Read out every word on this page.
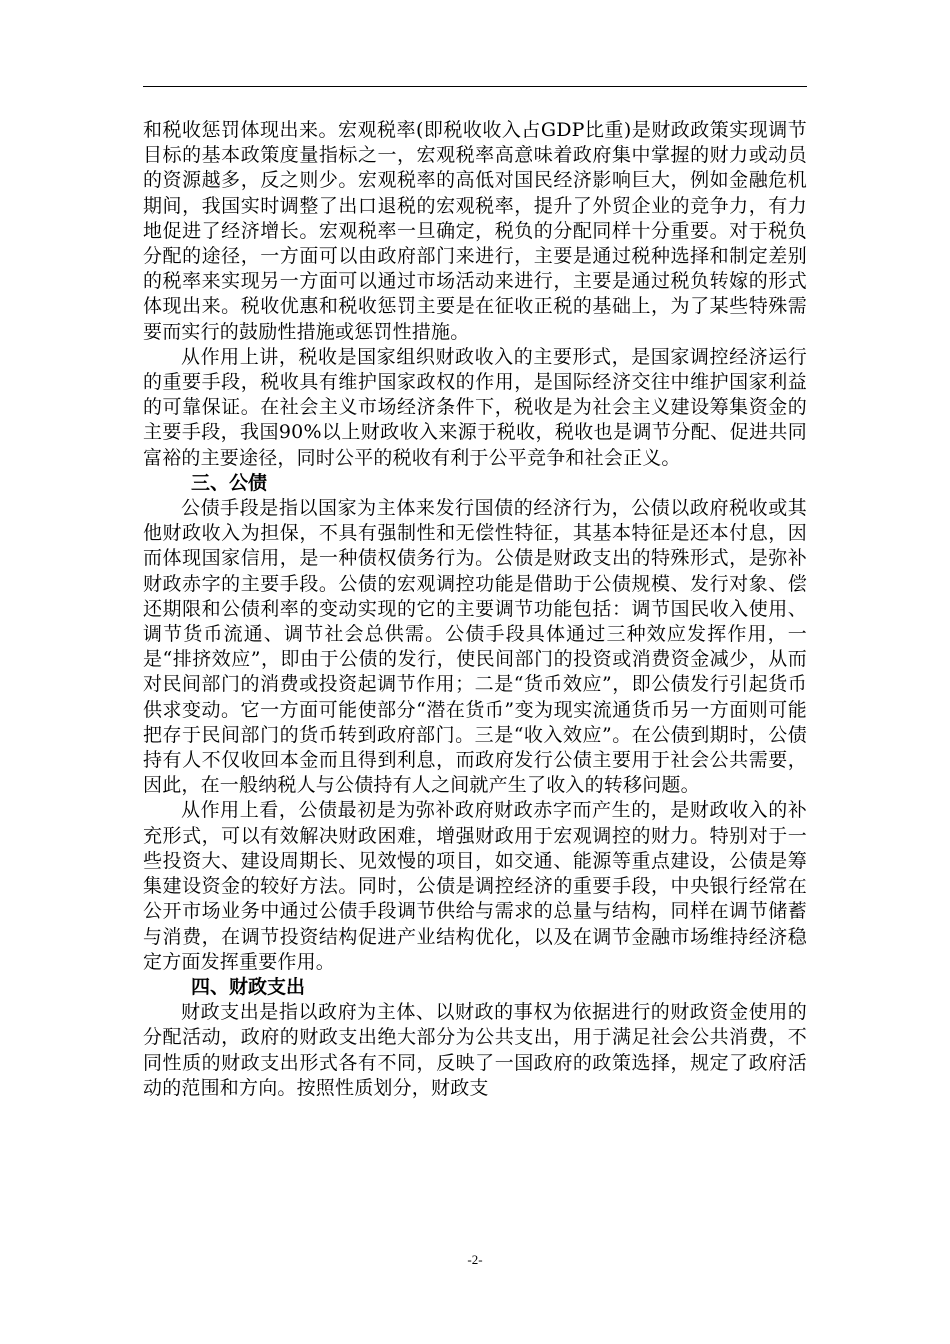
和税收惩罚体现出来。宏观税率(即税收收入占GDP比重)是财政政策实现调节目标的基本政策度量指标之一，宏观税率高意味着政府集中掌握的财力或动员的资源越多，反之则少。宏观税率的高低对国民经济影响巨大，例如金融危机期间，我国实时调整了出口退税的宏观税率，提升了外贸企业的竞争力，有力地促进了经济增长。宏观税率一旦确定，税负的分配同样十分重要。对于税负分配的途径，一方面可以由政府部门来进行，主要是通过税种选择和制定差别的税率来实现另一方面可以通过市场活动来进行，主要是通过税负转嫁的形式体现出来。税收优惠和税收惩罚主要是在征收正税的基础上，为了某些特殊需要而实行的鼓励性措施或惩罚性措施。

从作用上讲，税收是国家组织财政收入的主要形式，是国家调控经济运行的重要手段，税收具有维护国家政权的作用，是国际经济交往中维护国家利益的可靠保证。在社会主义市场经济条件下，税收是为社会主义建设筹集资金的主要手段，我国90%以上财政收入来源于税收，税收也是调节分配、促进共同富裕的主要途径，同时公平的税收有利于公平竞争和社会正义。

三、公债

公债手段是指以国家为主体来发行国债的经济行为，公债以政府税收或其他财政收入为担保，不具有强制性和无偿性特征，其基本特征是还本付息，因而体现国家信用，是一种债权债务行为。公债是财政支出的特殊形式，是弥补财政赤字的主要手段。公债的宏观调控功能是借助于公债规模、发行对象、偿还期限和公债利率的变动实现的它的主要调节功能包括：调节国民收入使用、调节货币流通、调节社会总供需。公债手段具体通过三种效应发挥作用，一是“排挤效应”，即由于公债的发行，使民间部门的投资或消费资金减少，从而对民间部门的消费或投资起调节作用；二是“货币效应”，即公债发行引起货币供求变动。它一方面可能使部分“潜在货币”变为现实流通货币另一方面则可能把存于民间部门的货币转到政府部门。三是“收入效应”。在公债到期时，公债持有人不仅收回本金而且得到利息，而政府发行公债主要用于社会公共需要，因此，在一般纳税人与公债持有人之间就产生了收入的转移问题。

从作用上看，公债最初是为弥补政府财政赤字而产生的，是财政收入的补充形式，可以有效解决财政困难，增强财政用于宏观调控的财力。特别对于一些投资大、建设周期长、见效慢的项目，如交通、能源等重点建设，公债是筹集建设资金的较好方法。同时，公债是调控经济的重要手段，中央银行经常在公开市场业务中通过公债手段调节供给与需求的总量与结构，同样在调节储蓄与消费，在调节投资结构促进产业结构优化，以及在调节金融市场维持经济稳定方面发挥重要作用。

四、财政支出

财政支出是指以政府为主体、以财政的事权为依据进行的财政资金使用的分配活动，政府的财政支出绝大部分为公共支出，用于满足社会公共消费，不同性质的财政支出形式各有不同，反映了一国政府的政策选择，规定了政府活动的范围和方向。按照性质划分，财政支

-2-
